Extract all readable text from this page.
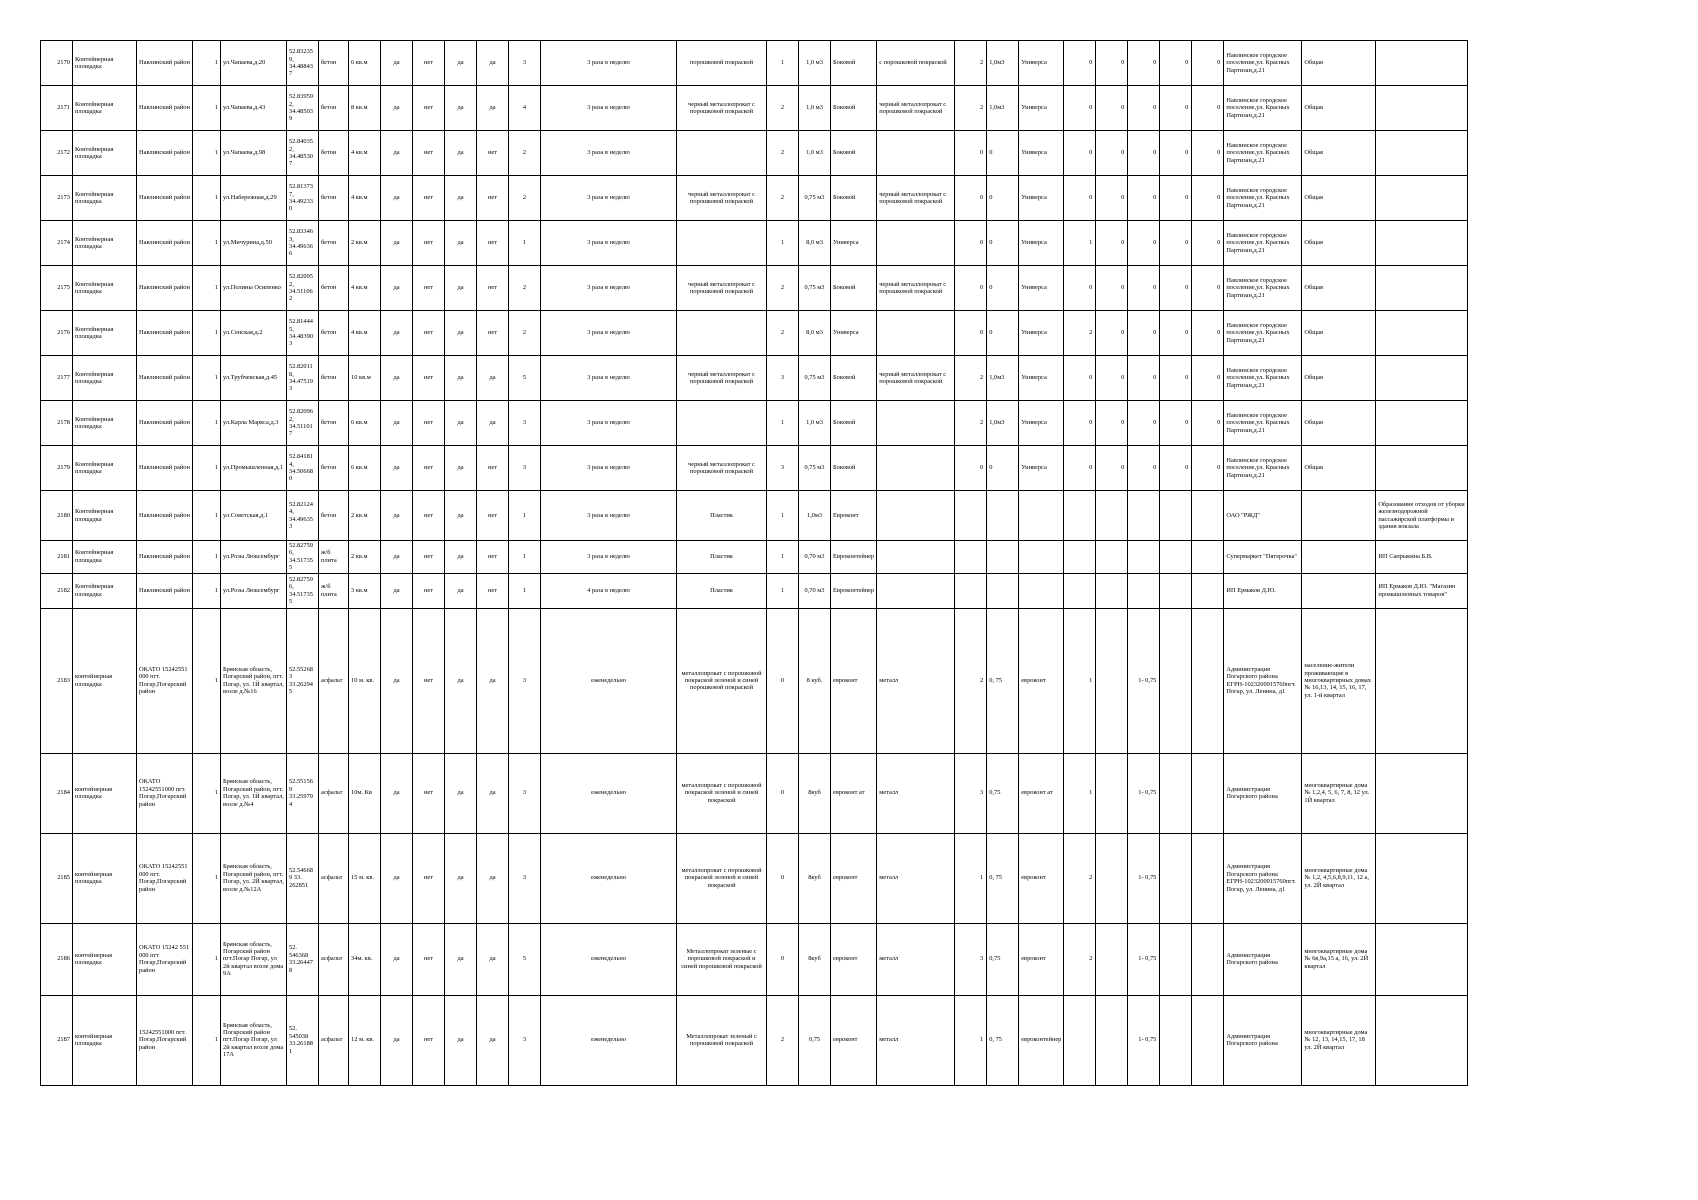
2170	Контейнерная площадка	Навлинский район	1	ул.Чапаева,д.20	52.83235 9, 34.48843 7	бетон	6 кв.м	да	нет	да	да	3	3 раза в неделю	порошковой покраской	1	1,0 м3	Боковой	с порошковой покраской	2	1,0м3	Универса	0	0	0	0	0	Навлинское городское поселение,ул. Красных Партизан,д.21	Общая	
2171	Контейнерная площадка	Навлинский район	1	ул.Чапаева,д.43	52.83959 2, 34.48503 9	бетон	8 кв.м	да	нет	да	да	4	3 раза в неделю	черный металлопрокат с порошковой покраской	2	1,0 м3	Боковой	черный металлопрокат с порошковой покраской	2	1,0м3	Универса	0	0	0	0	0	Навлинское городское поселение,ул. Красных Партизан,д.21	Общая	
2172	Контейнерная площадка	Навлинский район	1	ул.Чапаева,д.98	52.84035 2, 34.48530 7	бетон	4 кв.м	да	нет	да	нет	2	3 раза в неделю		2	1,0 м3	Боковой		0	0	Универса	0	0	0	0	0	Навлинское городское поселение,ул. Красных Партизан,д.21	Общая	
2173	Контейнерная площадка	Навлинский район	1	ул.Набережная,д.29	52.81373 7, 34.49233 0	бетон	4 кв.м	да	нет	да	нет	2	3 раза в неделю	черный металлопрокат с порошковой покраской	2	0,75 м3	Боковой	черный металлопрокат с порошковой покраской	0	0	Универса	0	0	0	0	0	Навлинское городское поселение,ул. Красных Партизан,д.21	Общая	
2174	Контейнерная площадка	Навлинский район	1	ул.Мичурина,д.50	52.83346 3, 34.49636 6	бетон	2 кв.м	да	нет	да	нет	1	3 раза в неделю		1	8,0 м3	Универса		0	0	Универса	1	0	0	0	0	Навлинское городское поселение,ул. Красных Партизан,д.21	Общая	
2175	Контейнерная площадка	Навлинский район	1	ул.Полины Осипенко	52.82095 2, 34.51106 2	бетон	4 кв.м	да	нет	да	нет	2	3 раза в неделю	черный металлопрокат с порошковой покраской	2	0,75 м3	Боковой	черный металлопрокат с порошковой покраской	0	0	Универса	0	0	0	0	0	Навлинское городское поселение,ул. Красных Партизан,д.21	Общая	
2176	Контейнерная площадка	Навлинский район	1	ул.Сенская,д.2	52.81444 5, 34.48390 3	бетон	4 кв.м	да	нет	да	нет	2	3 раза в неделю		2	8,0 м3	Универса		0	0	Универса	2	0	0	0	0	Навлинское городское поселение,ул. Красных Партизан,д.21	Общая	
2177	Контейнерная площадка	Навлинский район	1	ул.Трубчевская,д.45	52.82011 8, 34.47519 3	бетон	10 кв.м	да	нет	да	да	5	3 раза в неделю	черный металлопрокат с порошковой покраской	3	0,75 м3	Боковой	черный металлопрокат с порошковой покраской	2	1,0м3	Универса	0	0	0	0	0	Навлинское городское поселение,ул. Красных Партизан,д.21	Общая	
2178	Контейнерная площадка	Навлинский район	1	ул.Карла Маркса,д.3	52.82096 2, 34.51101 7	бетон	6 кв.м	да	нет	да	да	3	3 раза в неделю		1	1,0 м3	Боковой		2	1,0м3	Универса	0	0	0	0	0	Навлинское городское поселение,ул. Красных Партизан,д.21	Общая	
2179	Контейнерная площадка	Навлинский район	1	ул.Промышленная,д.1	52.84181 4, 34.50668 0	бетон	6 кв.м	да	нет	да	нет	3	3 раза в неделю	черный металлопрокат с порошковой покраской	3	0,75 м3	Боковой		0	0	Универса	0	0	0	0	0	Навлинское городское поселение,ул. Красных Партизан,д.21	Общая	
2180	Контейнерная площадка	Навлинский район	1	ул.Советская,д.1	52.82124 4, 34.49635 3	бетон	2 кв.м	да	нет	да	нет	1	3 раза в неделю	Пластик	1	1,0м3	Евроконт										ОАО "РЖД"		Образование отходов от уборки железнодорожной пассажирской платформы и здания вокзала
2181	Контейнерная площадка	Навлинский район	1	ул.Розы Люксембург	52.82759 6, 34.51735 5	ж/б плита	2 кв.м	да	нет	да	нет	1	3 раза в неделю	Пластик	1	0,70 м3	Евроконтейнер										Супермаркет "Пятерочка"		ИП Сапрыкина Б.В.
2182	Контейнерная площадка	Навлинский район	1	ул.Розы Люксембург	52.82759 6, 34.51735 5	ж/б плита	3 кв.м	да	нет	да	нет	1	4 раза в неделю	Пластик	1	0,70 м3	Евроконтейнер										ИП Ермаков Д.Ю.		ИП Ермаков Д.Ю. "Магазин промышленных товаров"
2183	контейнерная площадка	ОКАТО 15242551 000 пгт. Погар,Погарский район	1	Брянская область, Погарский район, пгт. Погар, ул. 1Й квартал, возле д.№16	52.55268 3 33.26294 5	асфальт	10 м. кв.	да	нет	да	да	3	еженедельно	металлопрокат с порошковой покраской зеленой и синей порошковой покраской	0	8 куб.	евроконт	металл	2	0, 75	евроконт	1		1- 0,75			Администрация Погарского района ЕГРН-1023200915760пгт. Погар, ул. Ленина, д1	население-жители проживающие в многоквартирных домах № 16,13, 14, 15, 16, 17, ул. 1-й квартал	
2184	контейнерная площадка	ОКАТО 15242551000 пгт. Погар,Погарский район	1	Брянская область, Погарский район, пгт. Погар, ул. 1Й квартал, возле д.№4	52.55156 9 33.25979 4	асфальт	10м. Кв	да	нет	да	да	3	еженедельно	металлопрокат с порошковой покраской зеленой и синей покраской	0	8куб	евроконт ат	металл	3	0,75	евроконт ат	1		1- 0,75			Администрация Погарского района	многоквартирные дома № 1,2,4, 5, 6, 7, 8, 12 ул. 1Й квартал	
2185	контейнерная площадка	ОКАТО 15242551 000 пгт. Погар,Погарский район	1	Брянская область, Погарский район, пгт. Погар, ул. 2Й квартал, возле д.№12А	52.54668 9 33. 262851	асфальт	15 м. кв.	да	нет	да	да	3	еженедельно	металлопрокат с порошковой покраской зеленой и синей покраской	0	8куб	евроконт	металл	1	0, 75	евроконт	2		1- 0,75			Администрация Погарского района ЕГРН-1023200915760пгт. Погар, ул. Ленина, д1	многоквартирные дома № 1,2, 4,5,6,8,9,11, 12 а, ул. 2Й квартал	
2186	контейнерная площадка	ОКАТО 15242 551 000 пгт Погар,Погарский район	1	Брянская область, Погарский район пгт.Погар Погар, ул 2й квартал возле дома 9А	52. 546368 33.26447 8	асфальт	34м. кв.	да	нет	да	да	5	еженедельно	Металлопрокат зеленые с порошковой покраской и синей порошковой покраской	0	8куб	евроконт	металл	3	0,75	евроконт	2		1- 0,75			Администрация Погарского района	многоквартирные дома № 6в,9а,15 а, 16, ул. 2Й квартал	
2187	контейнерная площадка	15242551000 пгт. Погар,Погарский район	1	Брянская область, Погарский район пгт.Погар Погар, ул 2й квартал возле дома 17А	52. 545038 33.26188 1	асфальт	12 м. кв.	да	нет	да	да	3	еженедельно	Металлопрокат зеленый с порошковой покраской	2	0,75	евроконт	металл	1	0, 75	евроконтейнер			1- 0,75			Администрация Погарского района	многоквартирные дома № 12, 13, 14,15, 17, 18 ул. 2Й квартал	
